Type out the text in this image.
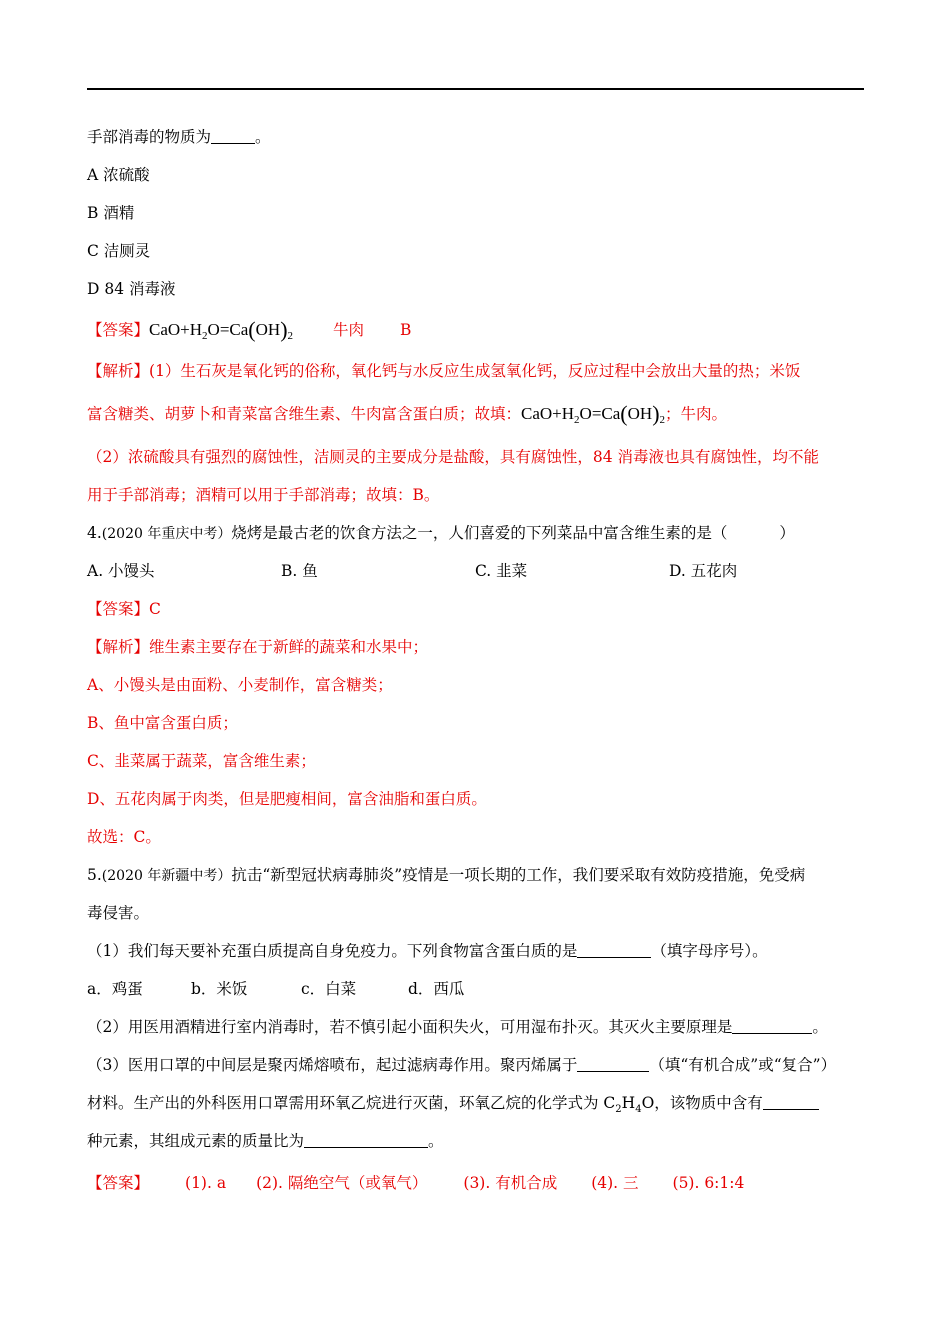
手部消毒的物质为	。
A 浓硫酸
B 酒精
C 洁厕灵
D 84 消毒液
【答案】$CaO+H_2O=Ca(OH)_2$	牛肉 B
【解析】(1）生石灰是氧化钙的俗称，氧化钙与水反应生成氢氧化钙，反应过程中会放出大量的热；米饭
富含糖类、胡萝卜和青菜富含维生素、牛肉富含蛋白质；故填：$CaO+H_2O=Ca(OH)_2$；牛肉。
（2）浓硫酸具有强烈的腐蚀性，洁厕灵的主要成分是盐酸，具有腐蚀性，84 消毒液也具有腐蚀性，均不能
用于手部消毒；酒精可以用于手部消毒；故填：B。
4.(2020 年重庆中考）烧烤是最古老的饮食方法之一，人们喜爱的下列菜品中富含维生素的是（	）
A. 小馒头	B. 鱼	C. 韭菜	D. 五花肉
【答案】C
【解析】维生素主要存在于新鲜的蔬菜和水果中；
A、小馒头是由面粉、小麦制作，富含糖类；
B、鱼中富含蛋白质；
C、韭菜属于蔬菜，富含维生素；
D、五花肉属于肉类，但是肥瘦相间，富含油脂和蛋白质。
故选：C。
5.(2020 年新疆中考）抗击“新型冠状病毒肺炎”疫情是一项长期的工作，我们要采取有效防疫措施，免受病
毒侵害。
（1）我们每天要补充蛋白质提高自身免疫力。下列食物富含蛋白质的是	（填字母序号）。
a．鸡蛋	b．米饭	c．白菜	d．西瓜
（2）用医用酒精进行室内消毒时，若不慎引起小面积失火，可用湿布扑灭。其灭火主要原理是	。
（3）医用口罩的中间层是聚丙烯熔喷布，起过滤病毒作用。聚丙烯属于	（填“有机合成”或“复合”）
材料。生产出的外科医用口罩需用环氧乙烷进行灭菌，环氧乙烷的化学式为 $C_2H_4O$，该物质中含有
种元素，其组成元素的质量比为	。
【答案】 (1). a (2). 隔绝空气（或氧气） (3). 有机合成 (4). 三 (5). 6:1:4
